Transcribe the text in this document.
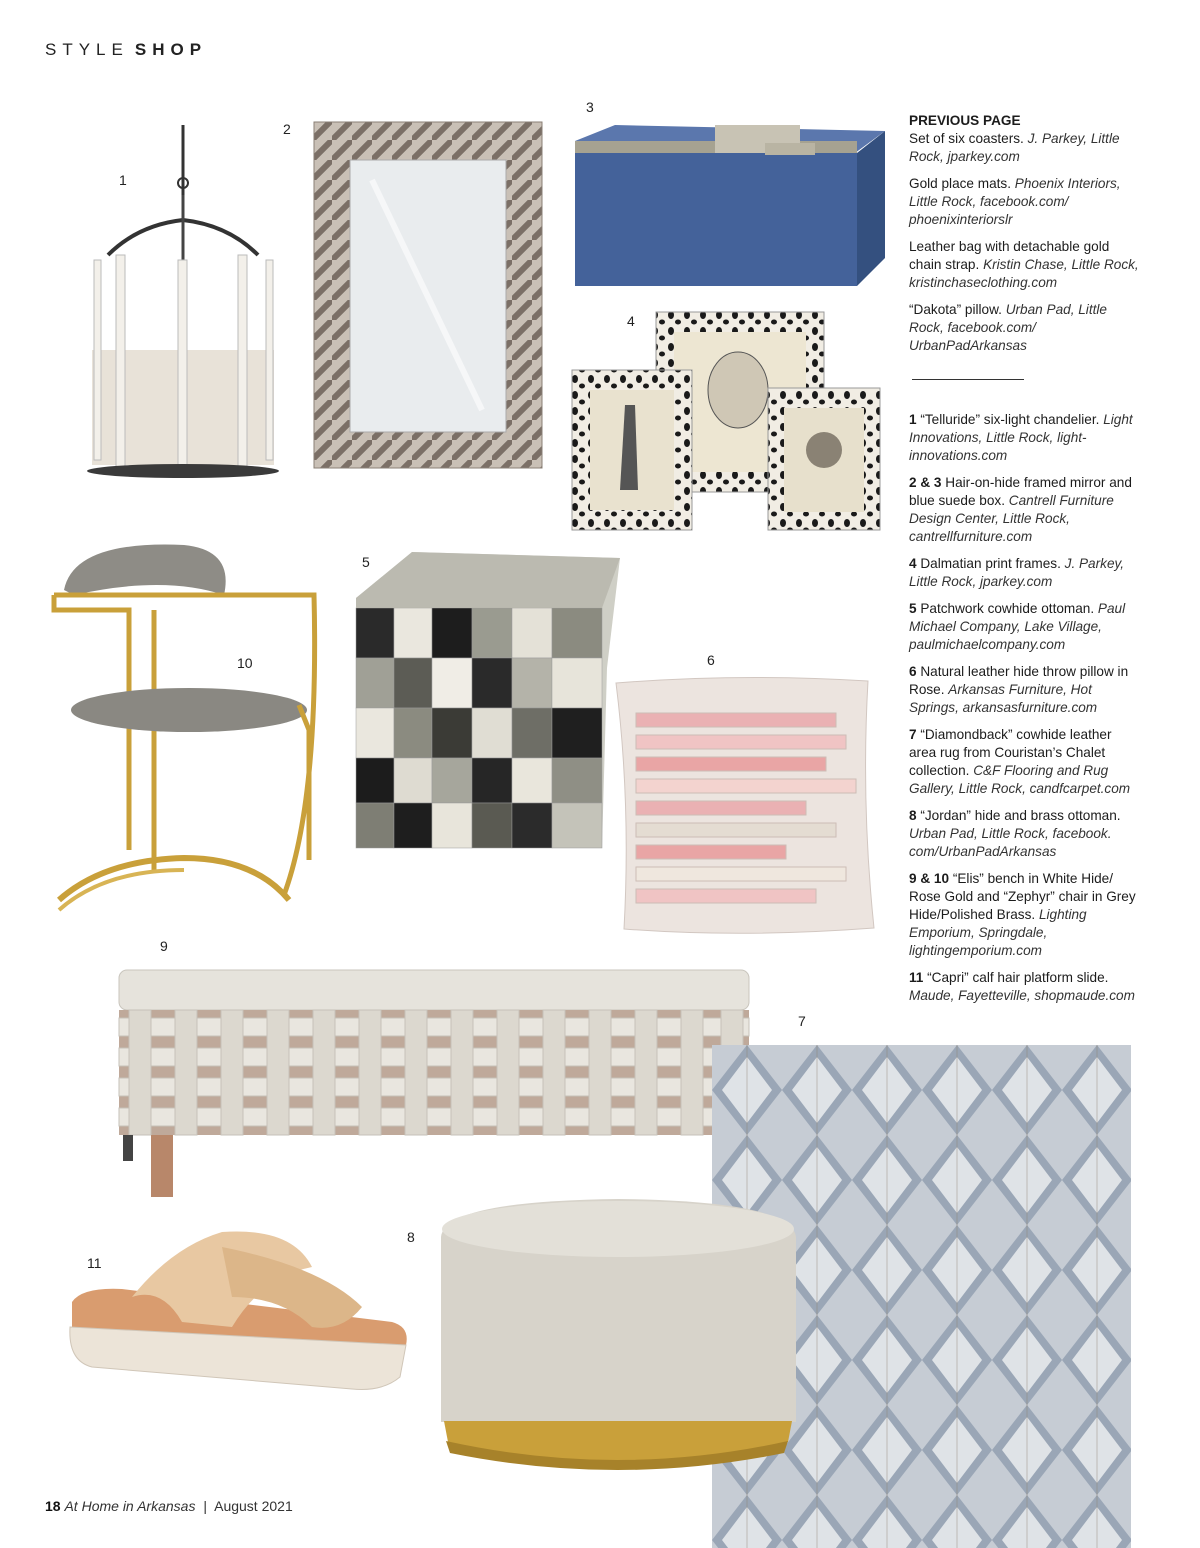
STYLE SHOP
1
2
3
4
5
6
7
8
9
10
11
PREVIOUS PAGE

Set of six coasters. J. Parkey, Little Rock, jparkey.com

Gold place mats. Phoenix Interiors, Little Rock, facebook.com/ phoenixinteriorslr

Leather bag with detachable gold chain strap. Kristin Chase, Little Rock, kristinchaseclothing.com

“Dakota” pillow. Urban Pad, Little Rock, facebook.com/ UrbanPadArkansas

1 “Telluride” six-light chandelier. Light Innovations, Little Rock, light-innovations.com

2 & 3 Hair-on-hide framed mirror and blue suede box. Cantrell Furniture Design Center, Little Rock, cantrellfurniture.com

4 Dalmatian print frames. J. Parkey, Little Rock, jparkey.com

5 Patchwork cowhide ottoman. Paul Michael Company, Lake Village, paulmichaelcompany.com

6 Natural leather hide throw pillow in Rose. Arkansas Furniture, Hot Springs, arkansasfurniture.com

7 “Diamondback” cowhide leather area rug from Couristan’s Chalet collection. C&F Flooring and Rug Gallery, Little Rock, candfcarpet.com

8 “Jordan” hide and brass ottoman. Urban Pad, Little Rock, facebook. com/UrbanPadArkansas

9 & 10 “Elis” bench in White Hide/ Rose Gold and “Zephyr” chair in Grey Hide/Polished Brass. Lighting Emporium, Springdale, lightingemporium.com

11 “Capri” calf hair platform slide. Maude, Fayetteville, shopmaude.com

18 At Home in Arkansas | August 2021
